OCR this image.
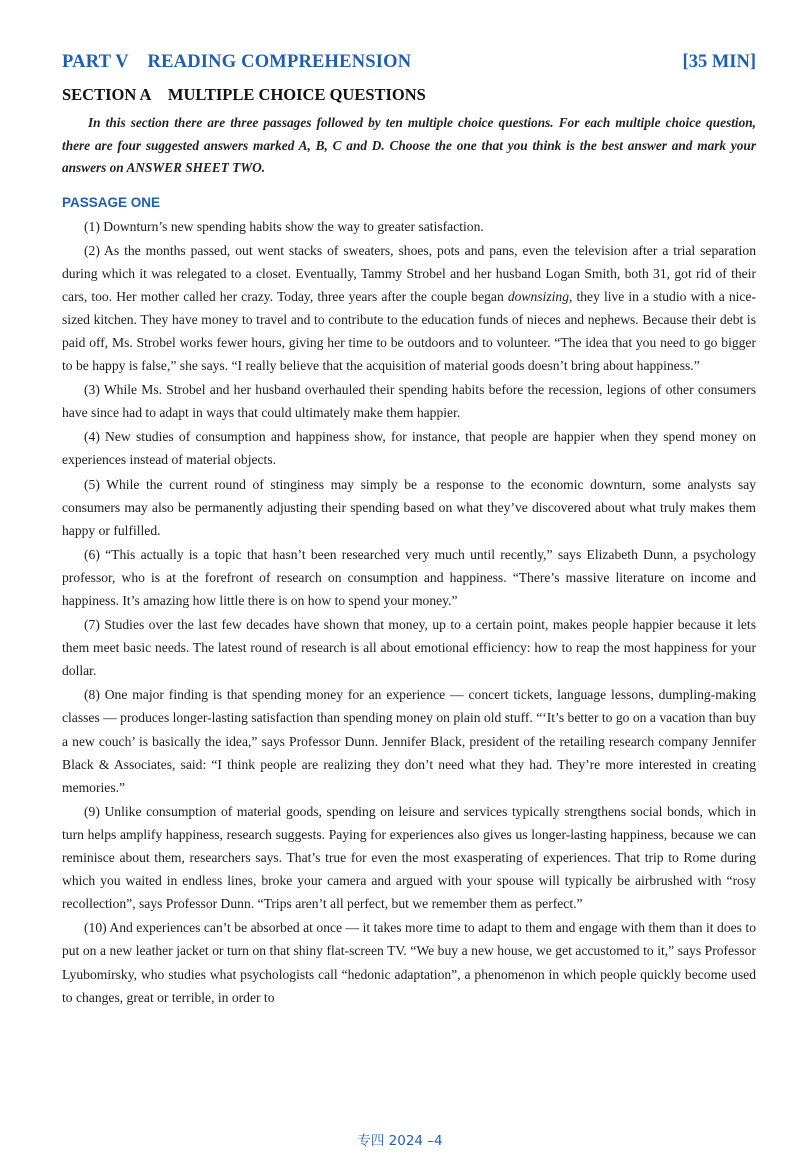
PART V READING COMPREHENSION	[35 MIN]
SECTION A MULTIPLE CHOICE QUESTIONS
In this section there are three passages followed by ten multiple choice questions. For each multiple choice question, there are four suggested answers marked A, B, C and D. Choose the one that you think is the best answer and mark your answers on ANSWER SHEET TWO.
PASSAGE ONE

(1) Downturn’s new spending habits show the way to greater satisfaction.

(2) As the months passed, out went stacks of sweaters, shoes, pots and pans, even the television after a trial separation during which it was relegated to a closet. Eventually, Tammy Strobel and her husband Logan Smith, both 31, got rid of their cars, too. Her mother called her crazy. Today, three years after the couple began downsizing, they live in a studio with a nice-sized kitchen. They have money to travel and to contribute to the education funds of nieces and nephews. Because their debt is paid off, Ms. Strobel works fewer hours, giving her time to be outdoors and to volunteer. “The idea that you need to go bigger to be happy is false,” she says. “I really believe that the acquisition of material goods doesn’t bring about happiness.”

(3) While Ms. Strobel and her husband overhauled their spending habits before the recession, legions of other consumers have since had to adapt in ways that could ultimately make them happier.

(4) New studies of consumption and happiness show, for instance, that people are happier when they spend money on experiences instead of material objects.

(5) While the current round of stinginess may simply be a response to the economic downturn, some analysts say consumers may also be permanently adjusting their spending based on what they’ve discovered about what truly makes them happy or fulfilled.

(6) “This actually is a topic that hasn’t been researched very much until recently,” says Elizabeth Dunn, a psychology professor, who is at the forefront of research on consumption and happiness. “There’s massive literature on income and happiness. It’s amazing how little there is on how to spend your money.”

(7) Studies over the last few decades have shown that money, up to a certain point, makes people happier because it lets them meet basic needs. The latest round of research is all about emotional efficiency: how to reap the most happiness for your dollar.

(8) One major finding is that spending money for an experience — concert tickets, language lessons, dumpling-making classes — produces longer-lasting satisfaction than spending money on plain old stuff. “‘It’s better to go on a vacation than buy a new couch’ is basically the idea,” says Professor Dunn. Jennifer Black, president of the retailing research company Jennifer Black & Associates, said: “I think people are realizing they don’t need what they had. They’re more interested in creating memories.”

(9) Unlike consumption of material goods, spending on leisure and services typically strengthens social bonds, which in turn helps amplify happiness, research suggests. Paying for experiences also gives us longer-lasting happiness, because we can reminisce about them, researchers says. That’s true for even the most exasperating of experiences. That trip to Rome during which you waited in endless lines, broke your camera and argued with your spouse will typically be airbrushed with “rosy recollection”, says Professor Dunn. “Trips aren’t all perfect, but we remember them as perfect.”

(10) And experiences can’t be absorbed at once — it takes more time to adapt to them and engage with them than it does to put on a new leather jacket or turn on that shiny flat-screen TV. “We buy a new house, we get accustomed to it,” says Professor Lyubomirsky, who studies what psychologists call “hedonic adaptation”, a phenomenon in which people quickly become used to changes, great or terrible, in order to

专四 2024 –4
